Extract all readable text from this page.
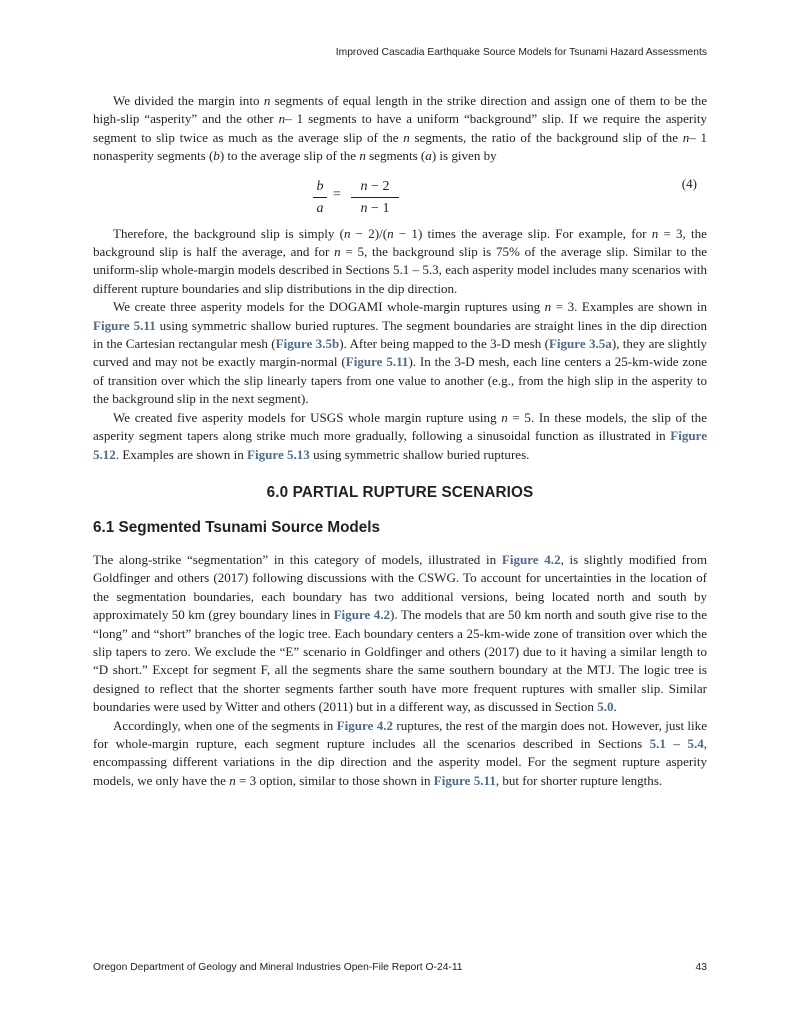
Improved Cascadia Earthquake Source Models for Tsunami Hazard Assessments

We divided the margin into n segments of equal length in the strike direction and assign one of them to be the high-slip “asperity” and the other n– 1 segments to have a uniform “background” slip. If we require the asperity segment to slip twice as much as the average slip of the n segments, the ratio of the background slip of the n– 1 nonasperity segments (b) to the average slip of the n segments (a) is given by

b
a
=
n − 2
n − 1
(4)

Therefore, the background slip is simply (n − 2)/(n − 1) times the average slip. For example, for n = 3, the background slip is half the average, and for n = 5, the background slip is 75% of the average slip. Similar to the uniform-slip whole-margin models described in Sections 5.1 – 5.3, each asperity model includes many scenarios with different rupture boundaries and slip distributions in the dip direction.

We create three asperity models for the DOGAMI whole-margin ruptures using n = 3. Examples are shown in Figure 5.11 using symmetric shallow buried ruptures. The segment boundaries are straight lines in the dip direction in the Cartesian rectangular mesh (Figure 3.5b). After being mapped to the 3-D mesh (Figure 3.5a), they are slightly curved and may not be exactly margin-normal (Figure 5.11). In the 3-D mesh, each line centers a 25-km-wide zone of transition over which the slip linearly tapers from one value to another (e.g., from the high slip in the asperity to the background slip in the next segment).

We created five asperity models for USGS whole margin rupture using n = 5. In these models, the slip of the asperity segment tapers along strike much more gradually, following a sinusoidal function as illustrated in Figure 5.12. Examples are shown in Figure 5.13 using symmetric shallow buried ruptures.

6.0 PARTIAL RUPTURE SCENARIOS
6.1 Segmented Tsunami Source Models

The along-strike “segmentation” in this category of models, illustrated in Figure 4.2, is slightly modified from Goldfinger and others (2017) following discussions with the CSWG. To account for uncertainties in the location of the segmentation boundaries, each boundary has two additional versions, being located north and south by approximately 50 km (grey boundary lines in Figure 4.2). The models that are 50 km north and south give rise to the “long” and “short” branches of the logic tree. Each boundary centers a 25-km-wide zone of transition over which the slip tapers to zero. We exclude the “E” scenario in Goldfinger and others (2017) due to it having a similar length to “D short.” Except for segment F, all the segments share the same southern boundary at the MTJ. The logic tree is designed to reflect that the shorter segments farther south have more frequent ruptures with smaller slip. Similar boundaries were used by Witter and others (2011) but in a different way, as discussed in Section 5.0.

Accordingly, when one of the segments in Figure 4.2 ruptures, the rest of the margin does not. However, just like for whole-margin rupture, each segment rupture includes all the scenarios described in Sections 5.1 – 5.4, encompassing different variations in the dip direction and the asperity model. For the segment rupture asperity models, we only have the n = 3 option, similar to those shown in Figure 5.11, but for shorter rupture lengths.

Oregon Department of Geology and Mineral Industries Open-File Report O-24-11	43
